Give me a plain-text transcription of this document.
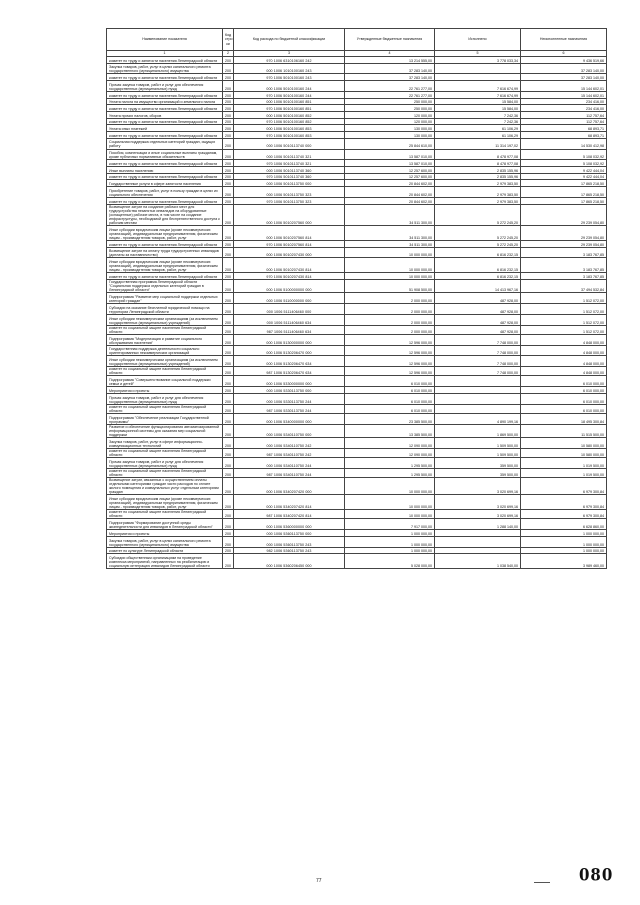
Наименование показателя	Код стро ки	Код расхода по бюджетной классификации	Утвержденные бюджетные назначения	Исполнено	Неисполненные назначения
1	2	3	4	5	6
комитет по труду и занятости населения Ленинградской области	200	970 1006 6310106160 242	13 214 555,00	3 778 033,34	9 436 519,66
Закупка товаров, работ, услуг в целях капитального ремонта государственного (муниципального) имущества	200	000 1006 1010100160 243	37 283 140,00		37 283 140,00
комитет по труду и занятости населения Ленинградской области	200	970 1006 5010100160 243	37 283 140,00		37 283 140,00
Прочая закупка товаров, работ и услуг для обеспечения государственных (муниципальных) нужд	200	000 1006 5010100160 244	22 761 277,00	7 616 674,99	15 144 602,01
комитет по труду и занятости населения Ленинградской области	200	970 1006 5010100160 244	22 761 277,00	7 616 674,99	15 144 602,01
Уплата налога на имущество организаций и земельного налога	200	000 1006 5010100160 851	250 000,00	15 584,00	234 416,00
комитет по труду и занятости населения Ленинградской области	200	970 1006 5010100160 851	250 000,00	15 584,00	234 416,00
Уплата прочих налогов, сборов	200	000 1006 5010100160 852	120 000,00	7 242,36	112 757,64
комитет по труду и занятости населения Ленинградской области	200	970 1006 5010100160 852	120 000,00	7 242,36	112 757,64
Уплата иных платежей	200	000 1006 5010100160 853	130 000,00	61 106,29	68 893,71
комитет по труду и занятости населения Ленинградской области	200	970 1006 5010100160 853	130 000,00	61 106,29	68 893,71
Социальная поддержка отдельных категорий граждан, ищущих работу	200	000 1006 5010113740 000	25 844 610,00	11 314 197,02	14 530 412,98
Пособия, компенсации и иные социальные выплаты гражданам, кроме публичных нормативных обязательств	200	000 1006 5010113740 321	13 587 010,00	8 478 977,08	5 108 032,92
комитет по труду и занятости населения Ленинградской области	200	970 1006 5010113740 321	13 587 010,00	8 478 977,08	5 108 032,92
Иные выплаты населению	200	000 1006 5010113740 360	12 257 600,00	2 835 155,96	9 422 444,04
комитет по труду и занятости населения Ленинградской области	200	970 1006 5010113740 360	12 257 600,00	2 835 155,96	9 422 444,04
Государственные услуги в сфере занятости населения	200	000 1006 5010113750 000	20 844 602,00	2 979 383,50	17 865 218,50
Приобретение товаров, работ, услуг в пользу граждан в целях их социального обеспечения	200	000 1006 5010113750 323	20 844 602,00	2 979 383,50	17 865 218,50
комитет по труду и занятости населения Ленинградской области	200	970 1006 5010113750 323	20 844 602,00	2 979 383,50	17 865 218,50
Возмещение затрат на создание рабочих мест для трудоустройства незанятых инвалидов на оборудованные (оснащенные) рабочие места, в том числе на создание инфраструктуры, необходимой для беспрепятственного доступа к рабочим местам	200	000 1006 5010207560 000	34 511 300,00	5 272 245,20	29 239 054,80
Иные субсидии юридическим лицам (кроме некоммерческих организаций), индивидуальным предпринимателям, физическим лицам - производителям товаров, работ, услуг	200	000 1006 5010207560 814	34 511 300,00	5 272 245,20	29 239 054,80
комитет по труду и занятости населения Ленинградской области	200	970 1006 5010207560 814	34 511 300,00	5 272 245,20	29 239 054,80
Возмещение затрат на оплату труда трудоустроенных инвалидов (доплаты за наставничество)	200	000 1006 5010207430 000	10 000 000,00	6 816 232,15	3 183 767,85
Иные субсидии юридическим лицам (кроме некоммерческих организаций), индивидуальным предпринимателям, физическим лицам - производителям товаров, работ, услуг	200	000 1006 5010207430 814	10 000 000,00	6 816 232,15	3 183 767,85
комитет по труду и занятости населения Ленинградской области	200	970 1006 5010207430 814	10 000 000,00	6 816 232,15	3 183 767,85
Государственная программа Ленинградской области "Социальная поддержка отдельных категорий граждан в Ленинградской области"	200	000 1006 5100000000 000	51 908 500,00	14 413 967,16	37 494 532,84
Подпрограмма "Развитие мер социальной поддержки отдельных категорий граждан"	200	000 1006 5110000000 000	2 000 000,00	487 928,00	1 512 072,00
Субсидии на оказание бесплатной юридической помощи на территории Ленинградской области	200	000 1006 5111406460 000	2 000 000,00	487 928,00	1 512 072,00
Иные субсидии некоммерческим организациям (за исключением государственных (муниципальных) учреждений)	200	000 1006 5111406460 634	2 000 000,00	487 928,00	1 512 072,00
комитет по социальной защите населения Ленинградской области	200	987 1006 5111406460 634	2 000 000,00	487 928,00	1 512 072,00
Подпрограмма "Модернизация и развитие социального обслуживания населения"	200	000 1006 5130000000 000	12 596 000,00	7 748 000,00	4 848 000,00
Государственная поддержка деятельности социально ориентированных некоммерческих организаций	200	000 1006 5130206470 000	12 596 000,00	7 748 000,00	4 848 000,00
Иные субсидии некоммерческим организациям (за исключением государственных (муниципальных) учреждений)	200	000 1006 5130206470 634	12 596 000,00	7 748 000,00	4 848 000,00
комитет по социальной защите населения Ленинградской области	200	987 1006 5130206470 634	12 596 000,00	7 748 000,00	4 848 000,00
Подпрограмма "Совершенствование социальной поддержки семьи и детей"	200	000 1006 5330000000 000	6 010 000,00		6 010 000,00
Мероприятия и проекты	200	000 1006 5330113750 000	6 010 000,00		6 010 000,00
Прочая закупка товаров, работ и услуг для обеспечения государственных (муниципальных) нужд	200	000 1006 5330113750 244	6 010 000,00		6 010 000,00
комитет по социальной защите населения Ленинградской области	200	987 1006 5330113750 244	6 010 000,00		6 010 000,00
Подпрограмма "Обеспечение реализации Государственной программы"	200	000 1006 5340000000 000	23 385 500,00	4 890 199,16	18 495 300,84
Развитие и обеспечение функционирования автоматизированной информационной системы для оказания мер социальной поддержки	200	000 1006 5340110750 000	13 385 500,00	1 869 500,00	11 515 500,00
Закупка товаров, работ, услуг в сфере информационно-коммуникационных технологий	200	000 1006 5340110750 242	12 090 000,00	1 509 500,00	10 580 000,00
комитет по социальной защите населения Ленинградской области	200	987 1006 5340110750 242	12 090 000,00	1 509 500,00	10 580 000,00
Прочая закупка товаров, работ и услуг для обеспечения государственных (муниципальных) нужд	200	000 1006 5340110750 244	1 295 500,00	359 500,00	1 019 500,00
комитет по социальной защите населения Ленинградской области	200	987 1006 5340110750 244	1 295 500,00	359 500,00	1 019 500,00
Возмещение затрат, связанных с осуществлением оплаты отдельными категориями граждан части расходов по оплате жилого помещения и коммунальных услуг отдельным категориям граждан	200	000 1006 5340207420 000	10 000 000,00	3 020 699,16	6 979 300,84
Иные субсидии юридическим лицам (кроме некоммерческих организаций), индивидуальным предпринимателям, физическим лицам - производителям товаров, работ, услуг	200	000 1006 5340207420 814	10 000 000,00	3 020 699,16	6 979 300,84
комитет по социальной защите населения Ленинградской области	200	987 1006 5340207420 814	10 000 000,00	3 020 699,16	6 979 300,84
Подпрограмма "Формирование доступной среды жизнедеятельности для инвалидов в Ленинградской области"	200	000 1006 5360000000 000	7 917 000,00	1 288 140,00	6 628 860,00
Мероприятия и проекты	200	000 1006 5360113750 000	1 000 000,00		1 000 000,00
Закупка товаров, работ, услуг в целях капитального ремонта государственного (муниципального) имущества	200	000 1006 5360113750 243	1 000 000,00		1 000 000,00
комитет по культуре Ленинградской области	200	982 1006 5360113750 243	1 000 000,00		1 000 000,00
Субсидии общественным организациям на проведение комплекса мероприятий, направленных на реабилитацию и социальную интеграцию инвалидов Ленинградской области	200	000 1006 5360206450 000	5 028 000,00	1 038 540,00	3 989 460,00
77	080
